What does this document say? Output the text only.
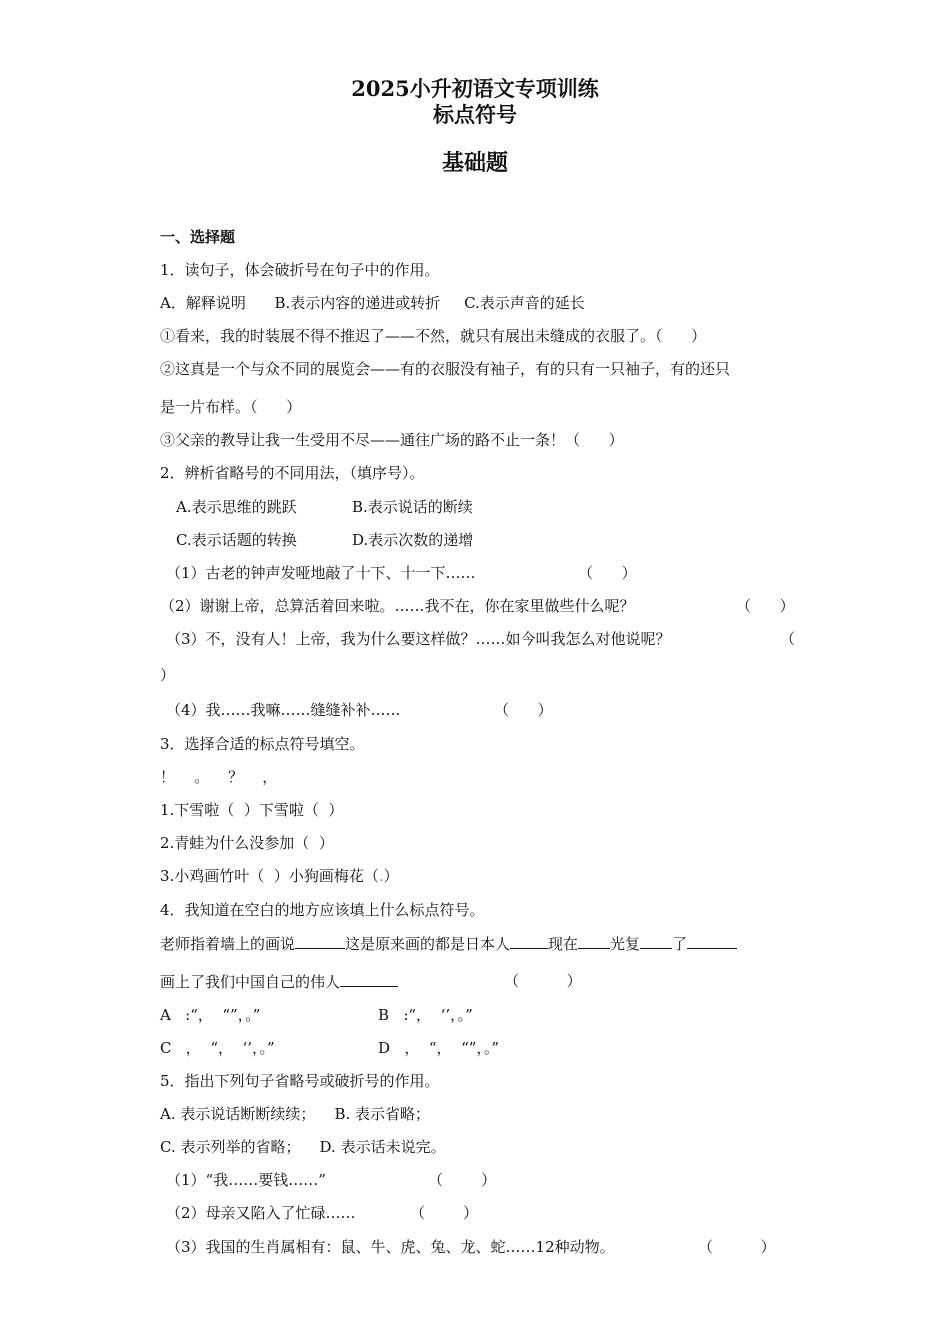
2025小升初语文专项训练
标点符号
基础题
一、选择题
1．读句子，体会破折号在句子中的作用。
A．解释说明      B.表示内容的递进或转折     C.表示声音的延长
①看来，我的时装展不得不推迟了——不然，就只有展出未缝成的衣服了。（      ）
②这真是一个与众不同的展览会——有的衣服没有袖子，有的只有一只袖子，有的还只
是一片布样。（      ）
③父亲的教导让我一生受用不尽——通往广场的路不止一条！（      ）
2．辨析省略号的不同用法，（填序号）。
A.表示思维的跳跃	B.表示说话的断续
C.表示话题的转换	D.表示次数的递增
（1）古老的钟声发哑地敲了十下、十一下……	（      ）
（2）谢谢上帝，总算活着回来啦。……我不在，你在家里做些什么呢？	（      ）
（3）不，没有人！上帝，我为什么要这样做？……如今叫我怎么对他说呢？	（
）
（4）我……我嘛……缝缝补补……	（      ）
3．选择合适的标点符号填空。
！    。    ？    ，
1.下雪啦（  ）下雪啦（  ）
2.青蛙为什么没参加（  ）
3.小鸡画竹叶（  ）小狗画梅花（.）
4．我知道在空白的地方应该填上什么标点符号。
老师指着墙上的画说	这是原来画的都是日本人	现在 光复 了
画上了我们中国自己的伟人	（          ）
A   :“，  “”，。”	B   :“，  ‘’，。”
C   ，  “，  ‘’，。”	D   ，  “，  “”，。”
5．指出下列句子省略号或破折号的作用。
A. 表示说话断断续续；    B. 表示省略；
C. 表示列举的省略；    D. 表示话未说完。
（1）“我……要钱……”	（        ）
（2）母亲又陷入了忙碌……	（        ）
（3）我国的生肖属相有：鼠、牛、虎、兔、龙、蛇……12种动物。	（          ）
